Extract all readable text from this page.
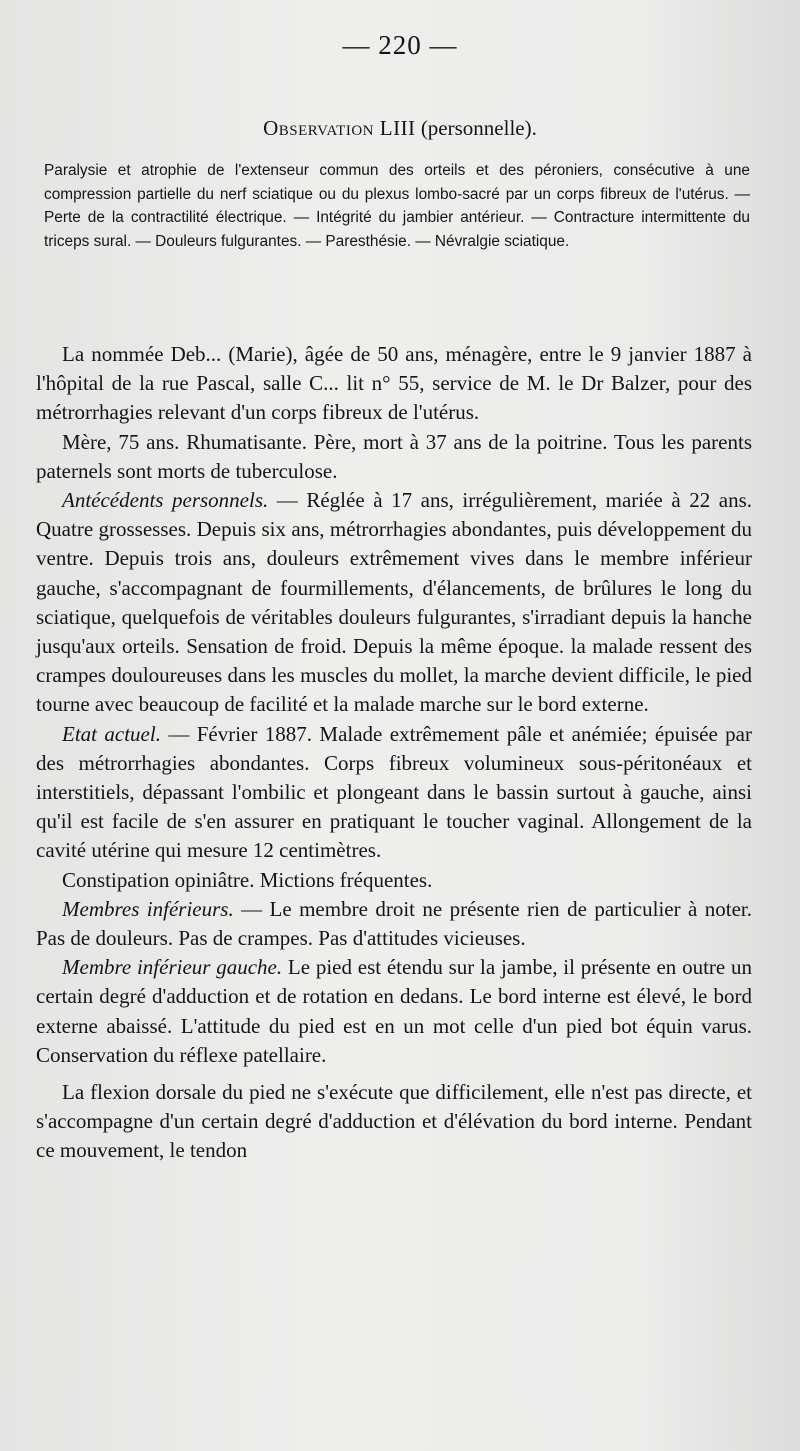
— 220 —
Observation LIII (personnelle).
Paralysie et atrophie de l'extenseur commun des orteils et des péroniers, consécutive à une compression partielle du nerf sciatique ou du plexus lombo-sacré par un corps fibreux de l'utérus. — Perte de la contractilité électrique. — Intégrité du jambier antérieur. — Contracture intermittente du triceps sural. — Douleurs fulgurantes. — Paresthésie. — Névralgie sciatique.

La nommée Deb... (Marie), âgée de 50 ans, ménagère, entre le 9 janvier 1887 à l'hôpital de la rue Pascal, salle C... lit n° 55, service de M. le Dr Balzer, pour des métrorrhagies relevant d'un corps fibreux de l'utérus.

Mère, 75 ans. Rhumatisante. Père, mort à 37 ans de la poitrine. Tous les parents paternels sont morts de tuberculose.

Antécédents personnels. — Réglée à 17 ans, irrégulièrement, mariée à 22 ans. Quatre grossesses. Depuis six ans, métrorrhagies abondantes, puis développement du ventre. Depuis trois ans, douleurs extrêmement vives dans le membre inférieur gauche, s'accompagnant de fourmillements, d'élancements, de brûlures le long du sciatique, quelquefois de véritables douleurs fulgurantes, s'irradiant depuis la hanche jusqu'aux orteils. Sensation de froid. Depuis la même époque. la malade ressent des crampes douloureuses dans les muscles du mollet, la marche devient difficile, le pied tourne avec beaucoup de facilité et la malade marche sur le bord externe.

Etat actuel. — Février 1887. Malade extrêmement pâle et anémiée; épuisée par des métrorrhagies abondantes. Corps fibreux volumineux sous-péritonéaux et interstitiels, dépassant l'ombilic et plongeant dans le bassin surtout à gauche, ainsi qu'il est facile de s'en assurer en pratiquant le toucher vaginal. Allongement de la cavité utérine qui mesure 12 centimètres.

Constipation opiniâtre. Mictions fréquentes.

Membres inférieurs. — Le membre droit ne présente rien de particulier à noter. Pas de douleurs. Pas de crampes. Pas d'attitudes vicieuses.

Membre inférieur gauche. Le pied est étendu sur la jambe, il présente en outre un certain degré d'adduction et de rotation en dedans. Le bord interne est élevé, le bord externe abaissé. L'attitude du pied est en un mot celle d'un pied bot équin varus. Conservation du réflexe patellaire.

La flexion dorsale du pied ne s'exécute que difficilement, elle n'est pas directe, et s'accompagne d'un certain degré d'adduction et d'élévation du bord interne. Pendant ce mouvement, le tendon
